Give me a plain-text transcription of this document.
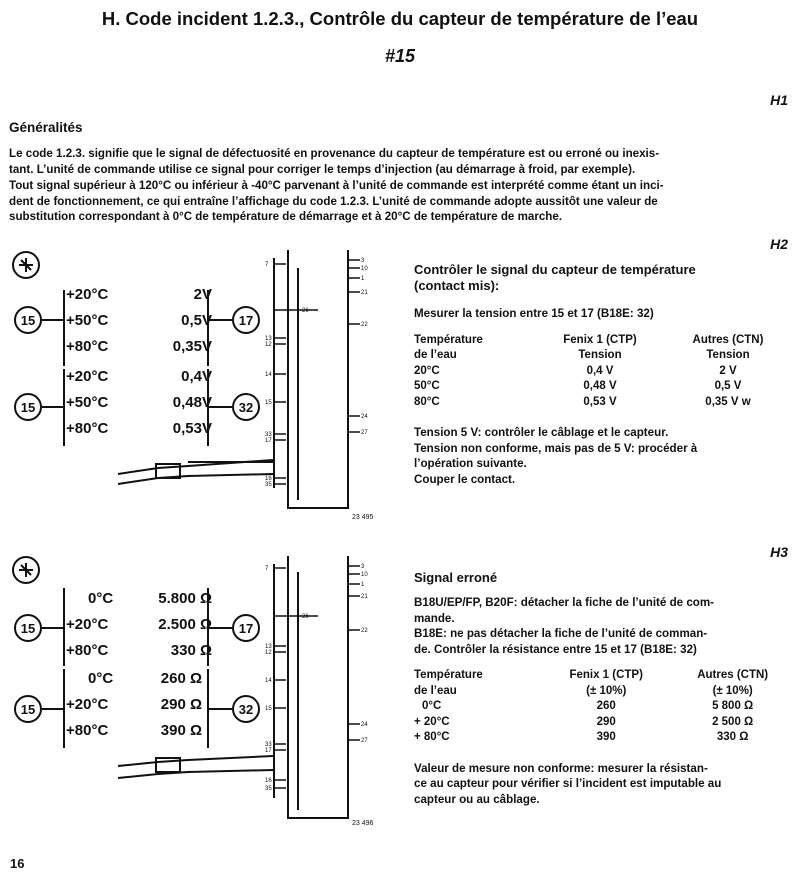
H. Code incident 1.2.3., Contrôle du capteur de température de l’eau
#15
H1
Généralités
Le code 1.2.3. signifie que le signal de défectuosité en provenance du capteur de température est ou erroné ou inexis-
tant. L’unité de commande utilise ce signal pour corriger le temps d’injection (au démarrage à froid, par exemple).
Tout signal supérieur à 120°C ou inférieur à -40°C parvenant à l’unité de commande est interprété comme étant un inci-
dent de fonctionnement, ce qui entraîne l’affichage du code 1.2.3. L’unité de commande adopte aussitôt une valeur de
substitution correspondant à 0°C de température de démarrage et à 20°C de température de marche.
H2
3
10
1
21
22
24
27
7
26
13
12
14
15
33
17
16
35
15	17
15	32
+20°C	2V
+50°C	0,5V
+80°C	0,35V
+20°C	0,4V
+50°C	0,48V
+80°C	0,53V
23 495
Contrôler le signal du capteur de température
(contact mis):
Mesurer la tension entre 15 et 17 (B18E: 32)
Température	Fenix 1 (CTP)	Autres (CTN)
de l’eau	Tension	Tension
20°C	0,4 V	2 V
50°C	0,48 V	0,5 V
80°C	0,53 V	0,35 V w
Tension 5 V: contrôler le câblage et le capteur.
Tension non conforme, mais pas de 5 V: procéder à
l’opération suivante.
Couper le contact.
H3
3
10
1
21
22
24
27
7
26
13
12
14
15
33
17
16
35
15	17
15	32
0°C	5.800 Ω
+20°C	2.500 Ω
+80°C	330 Ω
0°C	260 Ω
+20°C	290 Ω
+80°C	390 Ω
23 496
Signal erroné
B18U/EP/FP, B20F: détacher la fiche de l’unité de com-
mande.
B18E: ne pas détacher la fiche de l’unité de comman-
de. Contrôler la résistance entre 15 et 17 (B18E: 32)
Température	Fenix 1 (CTP)	Autres (CTN)
de l’eau	(± 10%)	(± 10%)
0°C	260	5 800 Ω
+ 20°C	290	2 500 Ω
+ 80°C	390	330 Ω
Valeur de mesure non conforme: mesurer la résistan-
ce au capteur pour vérifier si l’incident est imputable au
capteur ou au câblage.
16
